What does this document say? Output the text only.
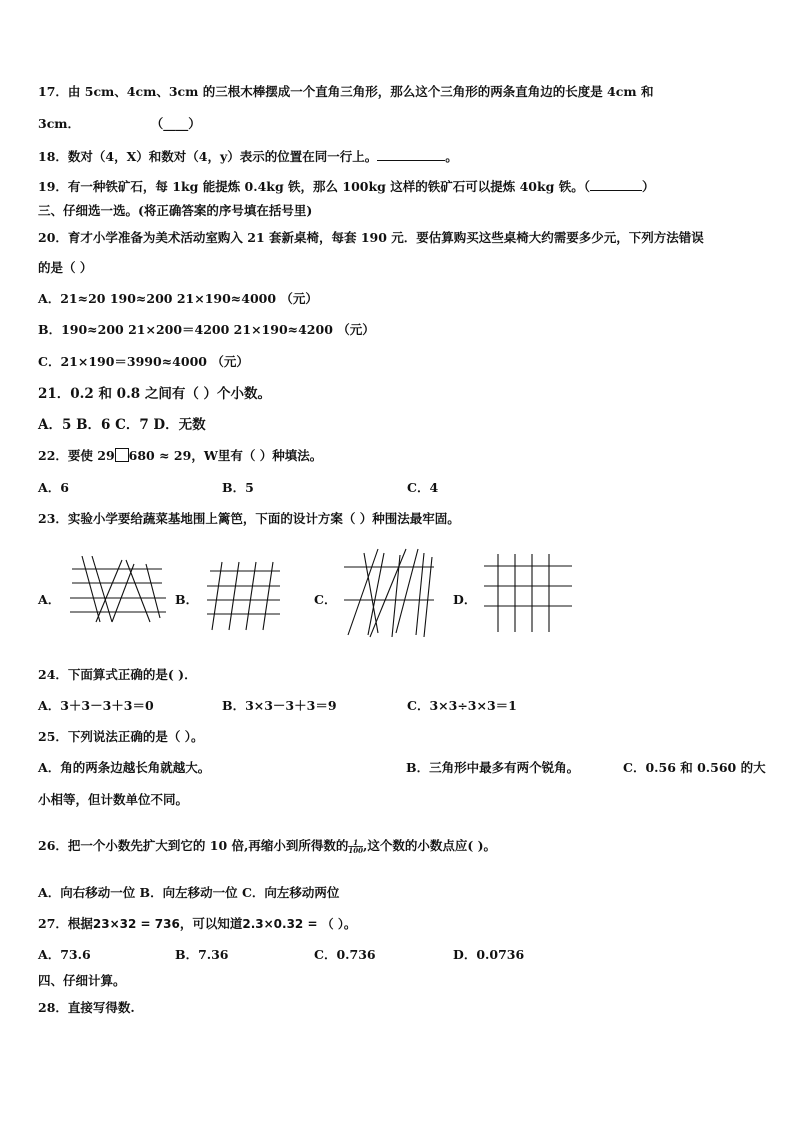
17．由 5cm、4cm、3cm 的三根木棒摆成一个直角三角形，那么这个三角形的两条直角边的长度是 4cm 和
3cm．	（____）
18．数对（4，X）和数对（4，y）表示的位置在同一行上。	。
19．有一种铁矿石，每 1kg 能提炼 0.4kg 铁，那么 100kg 这样的铁矿石可以提炼 40kg 铁。（	）
三、仔细选一选。(将正确答案的序号填在括号里)
20．育才小学准备为美术活动室购入 21 套新桌椅，每套 190 元．要估算购买这些桌椅大约需要多少元，下列方法错误
的是（ ）
A．21≈20 190≈200 21×190≈4000 （元）
B．190≈200 21×200＝4200 21×190≈4200 （元）
C．21×190＝3990≈4000 （元）
21．0.2 和 0.8 之间有（ ）个小数。
A．5 B．6 C．7 D．无数
22．要使 29 680 ≈ 29，W里有（ ）种填法。
A．6	B．5	C．4
23．实验小学要给蔬菜基地围上篱笆，下面的设计方案（ ）种围法最牢固。
A．	B．	C．	D．
24．下面算式正确的是( )．
A．3＋3－3＋3＝0	B．3×3－3＋3＝9	C．3×3÷3×3＝1
25．下列说法正确的是（ ）。
A．角的两条边越长角就越大。	B．三角形中最多有两个锐角。	C．0.56 和 0.560 的大
小相等，但计数单位不同。
26．把一个小数先扩大到它的 10 倍,再缩小到所得数的 $\frac{1}{100}$ ,这个数的小数点应( )。
A．向右移动一位 B．向左移动一位 C．向左移动两位
27．根据23×32 = 736，可以知道2.3×0.32 = （ ）。
A．73.6	B．7.36	C．0.736	D．0.0736
四、仔细计算。
28．直接写得数.
